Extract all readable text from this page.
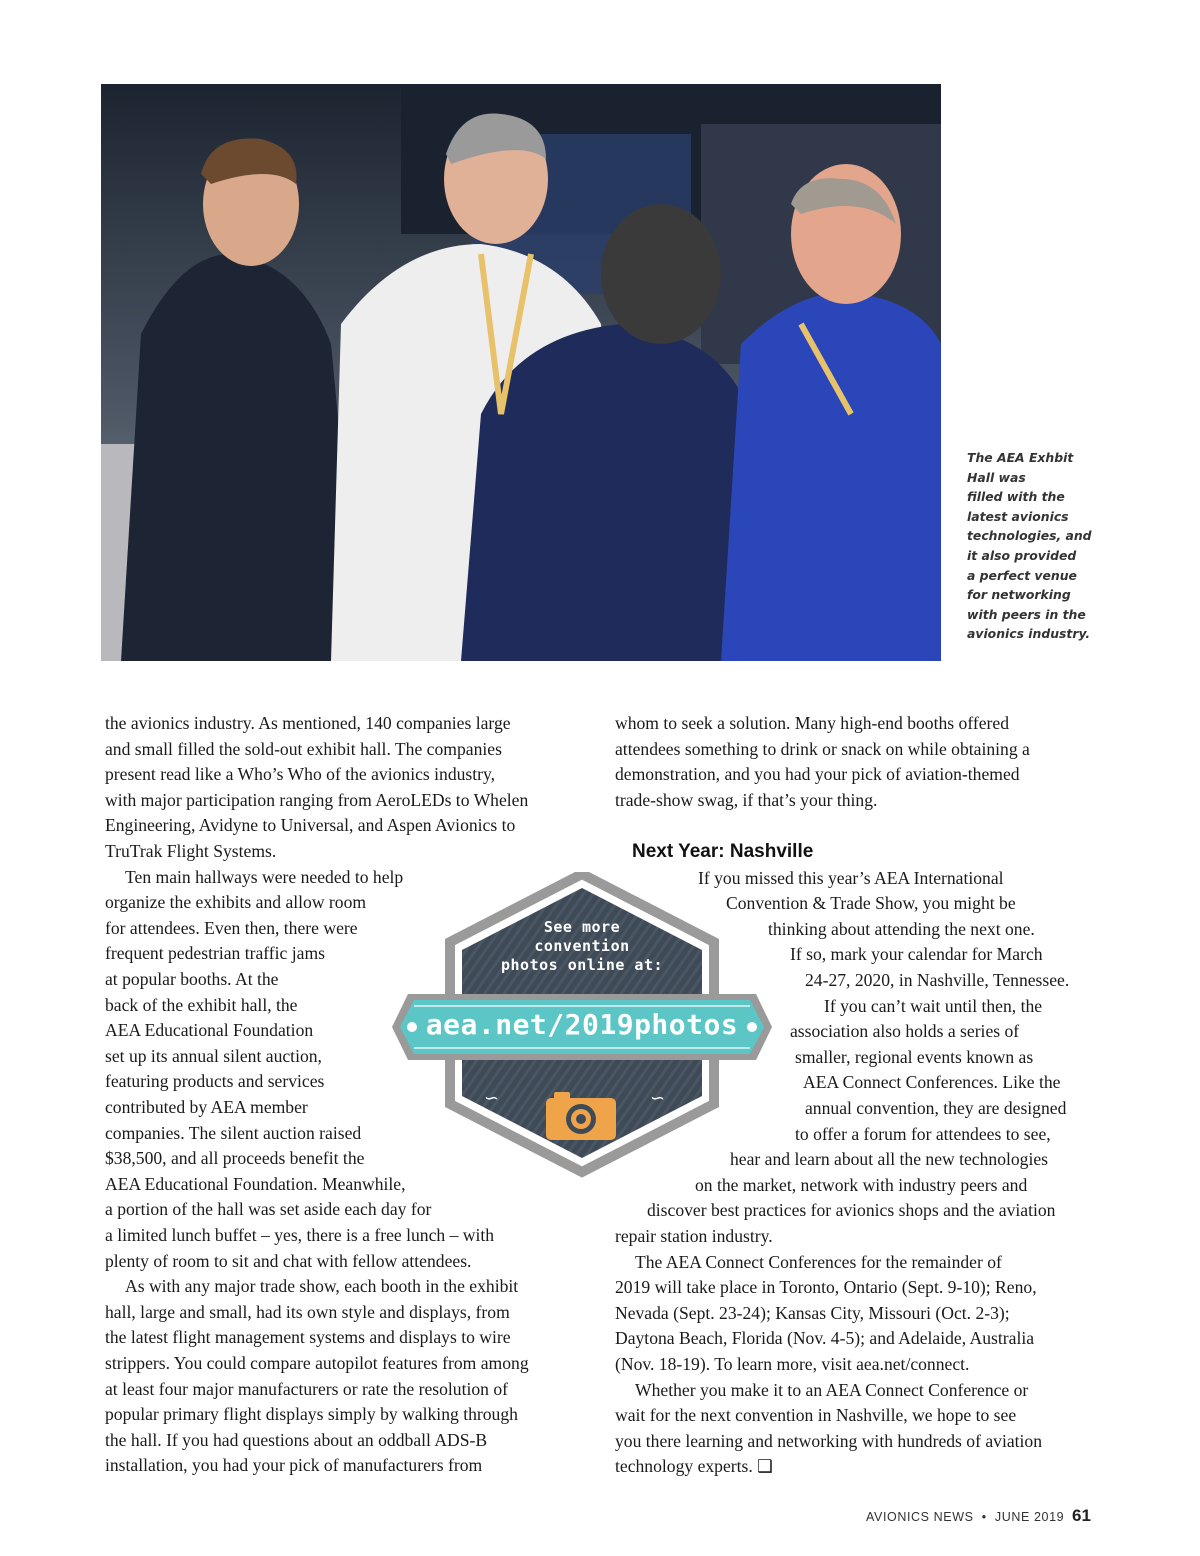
The AEA Exhbit
Hall was
filled with the
latest avionics
technologies, and
it also provided
a perfect venue
for networking
with peers in the
avionics industry.
the avionics industry. As mentioned, 140 companies large
and small filled the sold-out exhibit hall. The companies
present read like a Who’s Who of the avionics industry,
with major participation ranging from AeroLEDs to Whelen
Engineering, Avidyne to Universal, and Aspen Avionics to
TruTrak Flight Systems.
Ten main hallways were needed to help
organize the exhibits and allow room
for attendees. Even then, there were
frequent pedestrian traffic jams
at popular booths. At the
back of the exhibit hall, the
AEA Educational Foundation
set up its annual silent auction,
featuring products and services
contributed by AEA member
companies. The silent auction raised
$38,500, and all proceeds benefit the
AEA Educational Foundation. Meanwhile,
a portion of the hall was set aside each day for
a limited lunch buffet – yes, there is a free lunch – with
plenty of room to sit and chat with fellow attendees.
As with any major trade show, each booth in the exhibit
hall, large and small, had its own style and displays, from
the latest flight management systems and displays to wire
strippers. You could compare autopilot features from among
at least four major manufacturers or rate the resolution of
popular primary flight displays simply by walking through
the hall. If you had questions about an oddball ADS-B
installation, you had your pick of manufacturers from
whom to seek a solution. Many high-end booths offered
attendees something to drink or snack on while obtaining a
demonstration, and you had your pick of aviation-themed
trade-show swag, if that’s your thing.
If you missed this year’s AEA International
Convention & Trade Show, you might be
thinking about attending the next one.
If so, mark your calendar for March
24-27, 2020, in Nashville, Tennessee.
If you can’t wait until then, the
association also holds a series of
smaller, regional events known as
AEA Connect Conferences. Like the
annual convention, they are designed
to offer a forum for attendees to see,
hear and learn about all the new technologies
on the market, network with industry peers and
discover best practices for avionics shops and the aviation
repair station industry.
The AEA Connect Conferences for the remainder of
2019 will take place in Toronto, Ontario (Sept. 9-10); Reno,
Nevada (Sept. 23-24); Kansas City, Missouri (Oct. 2-3);
Daytona Beach, Florida (Nov. 4-5); and Adelaide, Australia
(Nov. 18-19). To learn more, visit aea.net/connect.
Whether you make it to an AEA Connect Conference or
wait for the next convention in Nashville, we hope to see
you there learning and networking with hundreds of aviation
technology experts. ❑
Next Year: Nashville
∽	∽
See more
convention
photos online at:
aea.net/2019photos
AVIONICS NEWS • JUNE 2019 61
